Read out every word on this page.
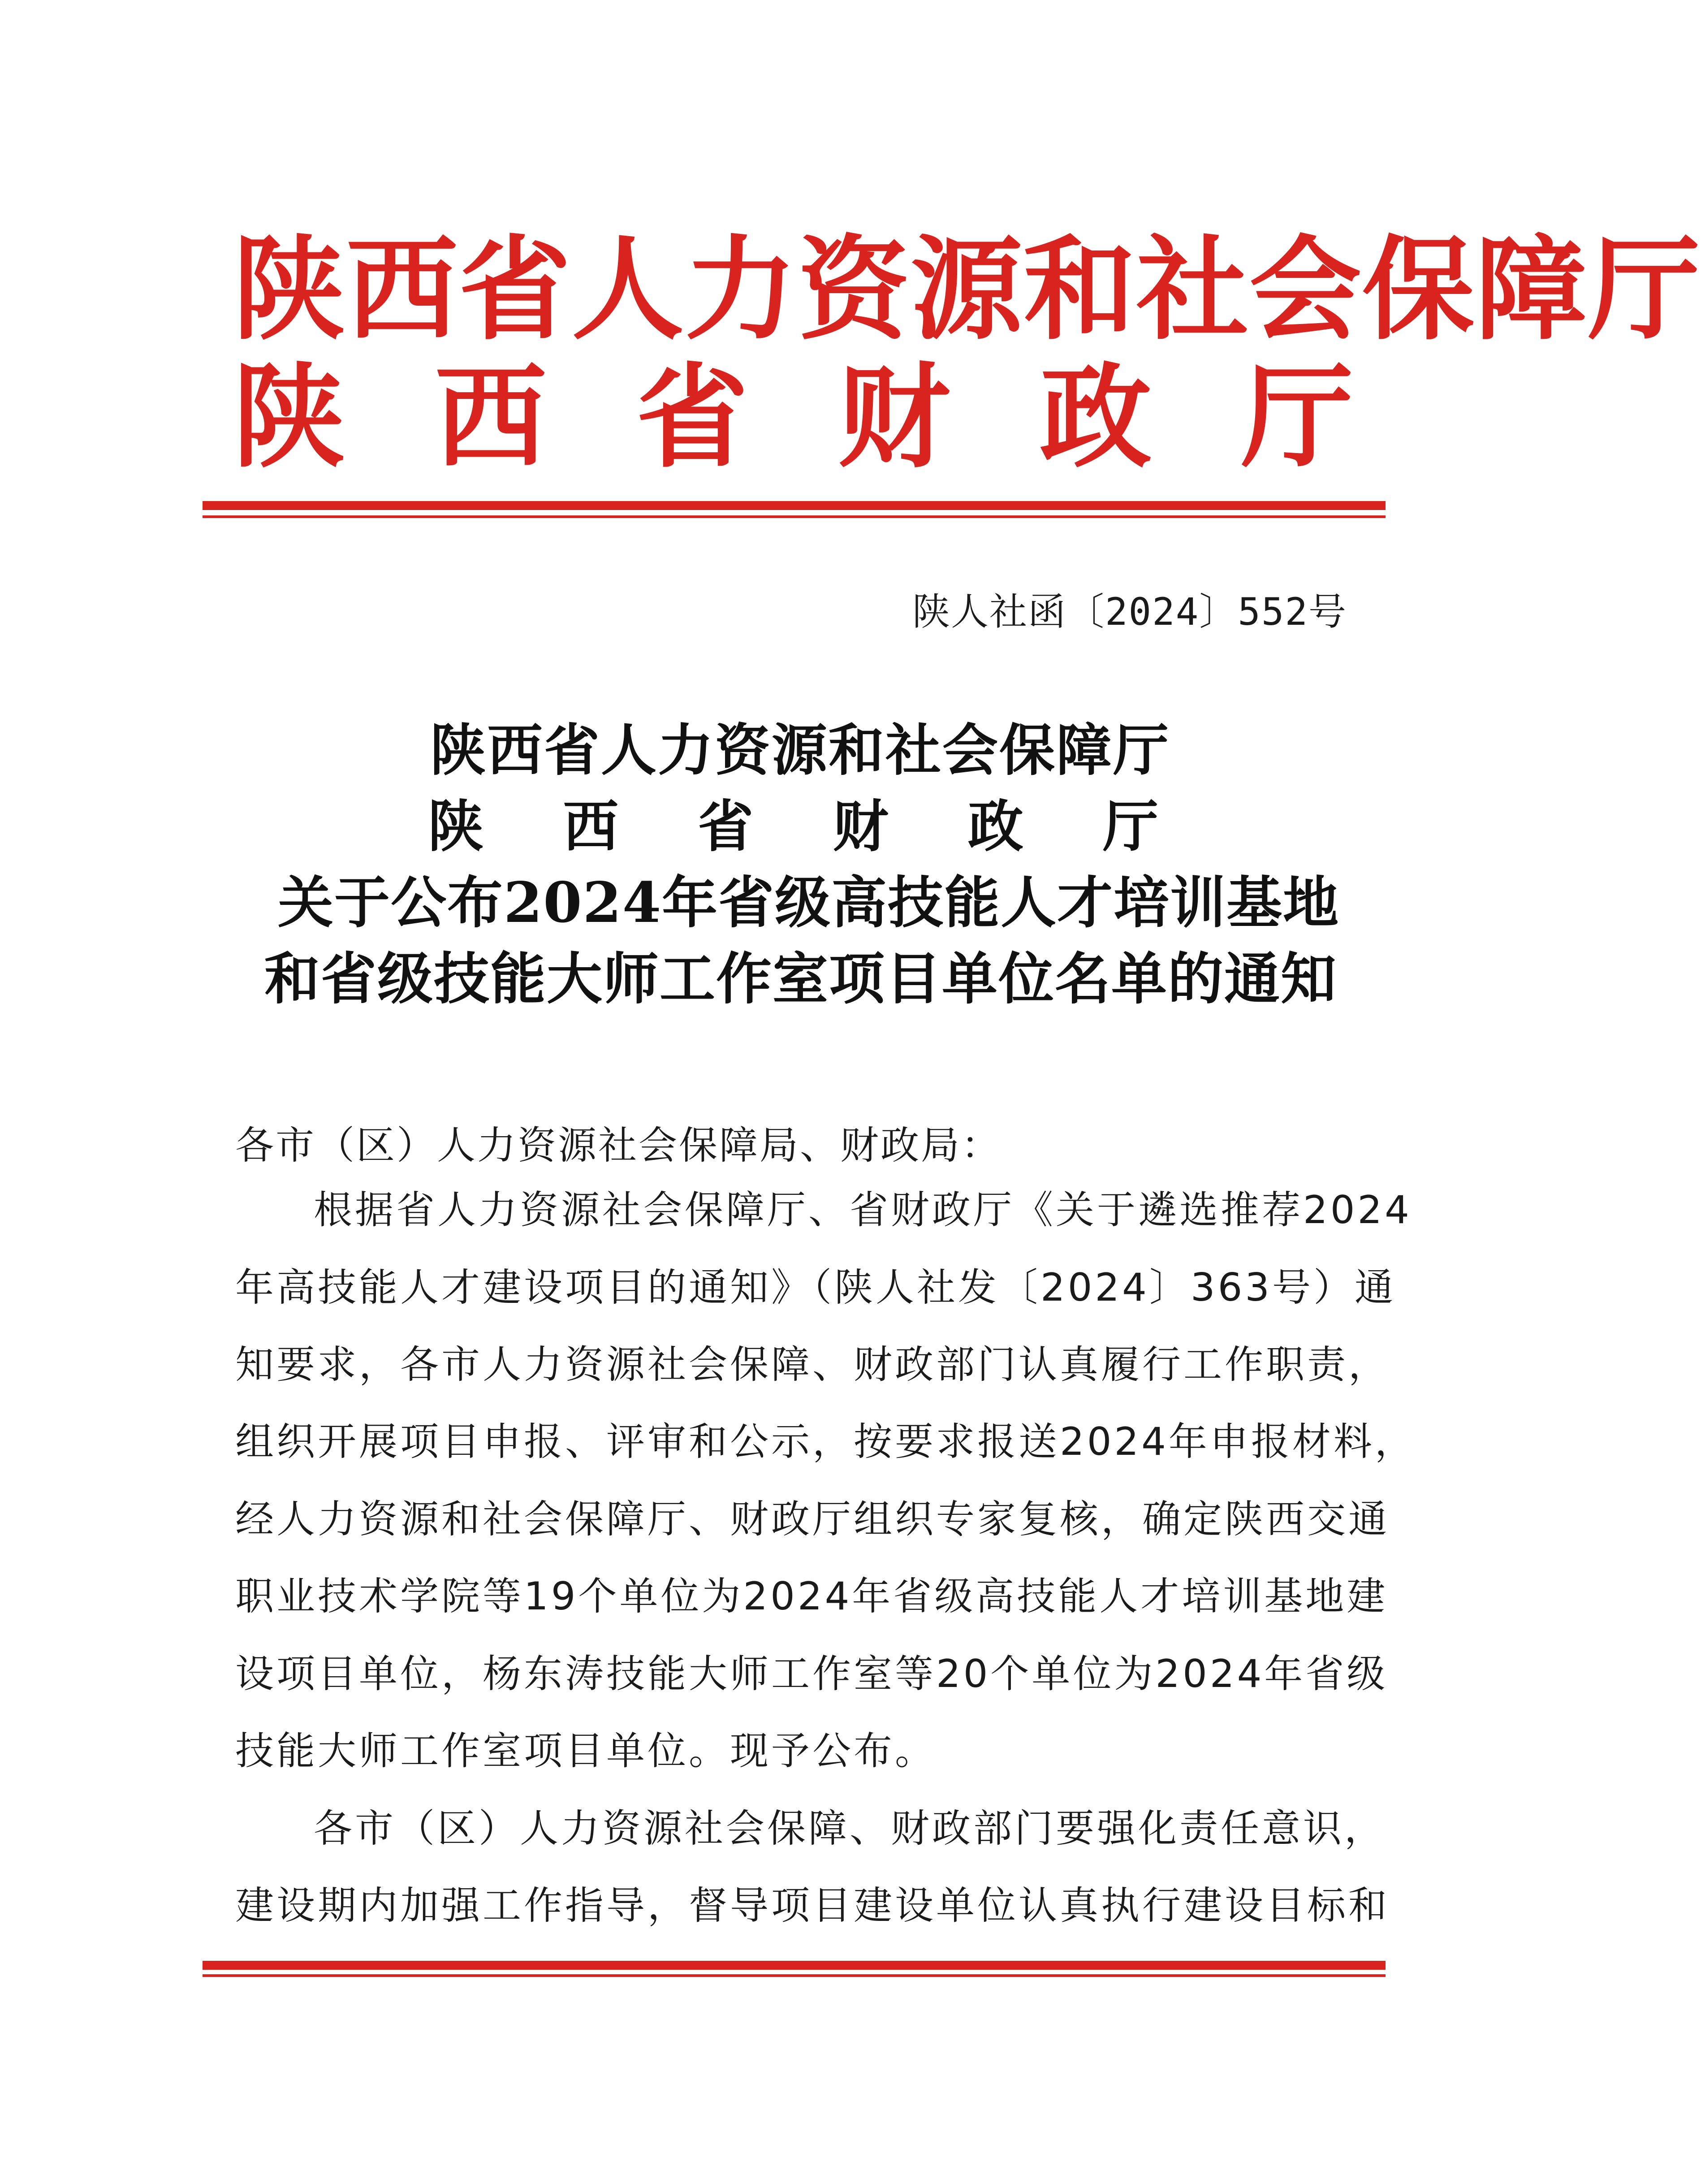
陕西省人力资源和社会保障厅
陕 西 省 财 政 厅
陕人社函〔2024〕552号
陕西省人力资源和社会保障厅
陕 西 省 财 政 厅
关于公布2024年省级高技能人才培训基地
和省级技能大师工作室项目单位名单的通知
各市（区）人力资源社会保障局、财政局：
根据省人力资源社会保障厅、省财政厅《关于遴选推荐2024
年高技能人才建设项目的通知》（陕人社发〔2024〕363号）通
知要求，各市人力资源社会保障、财政部门认真履行工作职责，
组织开展项目申报、评审和公示，按要求报送2024年申报材料，
经人力资源和社会保障厅、财政厅组织专家复核，确定陕西交通
职业技术学院等19个单位为2024年省级高技能人才培训基地建
设项目单位，杨东涛技能大师工作室等20个单位为2024年省级
技能大师工作室项目单位。现予公布。
各市（区）人力资源社会保障、财政部门要强化责任意识，
建设期内加强工作指导，督导项目建设单位认真执行建设目标和
